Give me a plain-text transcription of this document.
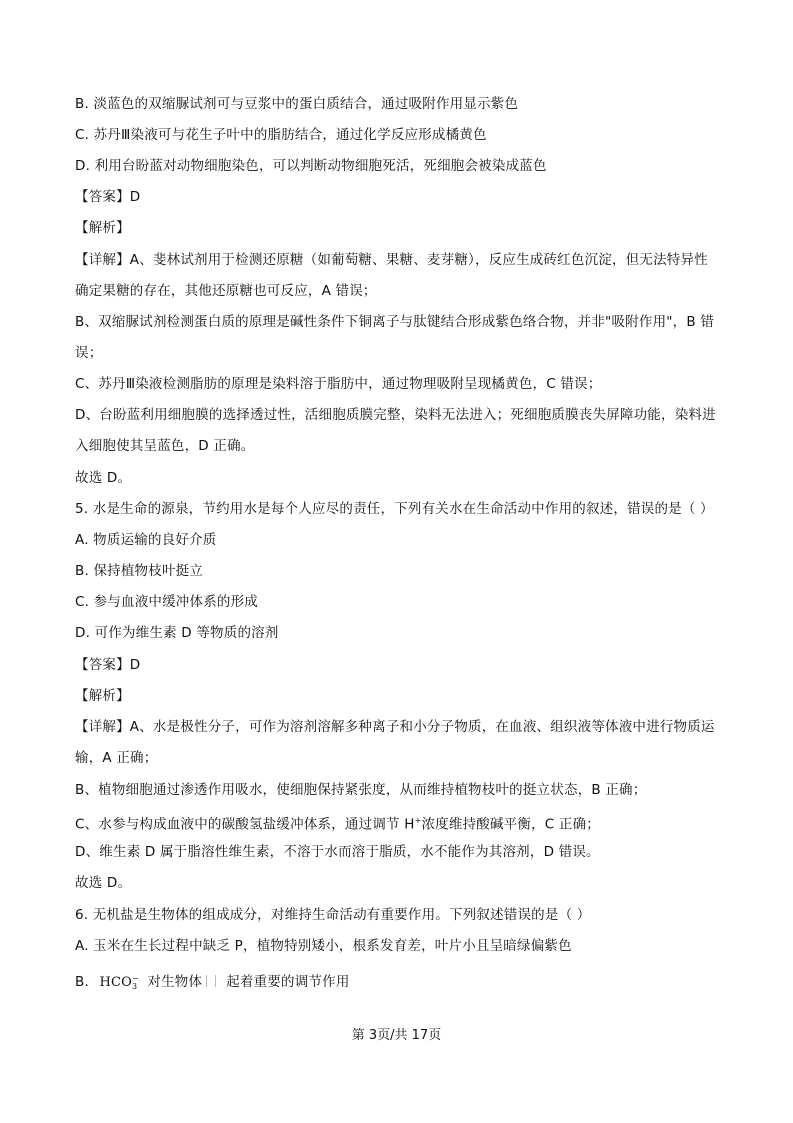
B. 淡蓝色的双缩脲试剂可与豆浆中的蛋白质结合，通过吸附作用显示紫色
C. 苏丹Ⅲ染液可与花生子叶中的脂肪结合，通过化学反应形成橘黄色
D. 利用台盼蓝对动物细胞染色，可以判断动物细胞死活，死细胞会被染成蓝色
【答案】D
【解析】
【详解】A、斐林试剂用于检测还原糖（如葡萄糖、果糖、麦芽糖），反应生成砖红色沉淀，但无法特异性
确定果糖的存在，其他还原糖也可反应，A 错误；
B、双缩脲试剂检测蛋白质的原理是碱性条件下铜离子与肽键结合形成紫色络合物，并非"吸附作用"，B 错
误；
C、苏丹Ⅲ染液检测脂肪的原理是染料溶于脂肪中，通过物理吸附呈现橘黄色，C 错误；
D、台盼蓝利用细胞膜的选择透过性，活细胞质膜完整，染料无法进入；死细胞质膜丧失屏障功能，染料进
入细胞使其呈蓝色，D 正确。
故选 D。
5. 水是生命的源泉，节约用水是每个人应尽的责任，下列有关水在生命活动中作用的叙述，错误的是（ ）
A. 物质运输的良好介质
B. 保持植物枝叶挺立
C. 参与血液中缓冲体系的形成
D. 可作为维生素 D 等物质的溶剂
【答案】D
【解析】
【详解】A、水是极性分子，可作为溶剂溶解多种离子和小分子物质，在血液、组织液等体液中进行物质运
输，A 正确；
B、植物细胞通过渗透作用吸水，使细胞保持紧张度，从而维持植物枝叶的挺立状态，B 正确；
C、水参与构成血液中的碳酸氢盐缓冲体系，通过调节 H+浓度维持酸碱平衡，C 正确；
D、维生素 D 属于脂溶性维生素，不溶于水而溶于脂质，水不能作为其溶剂，D 错误。
故选 D。
6. 无机盐是生物体的组成成分，对维持生命活动有重要作用。下列叙述错误的是（ ）
A. 玉米在生长过程中缺乏 P，植物特别矮小，根系发育差，叶片小且呈暗绿偏紫色
B. HCO −
3 对生物体 起着重要的调节作用
第 3页/共 17页
